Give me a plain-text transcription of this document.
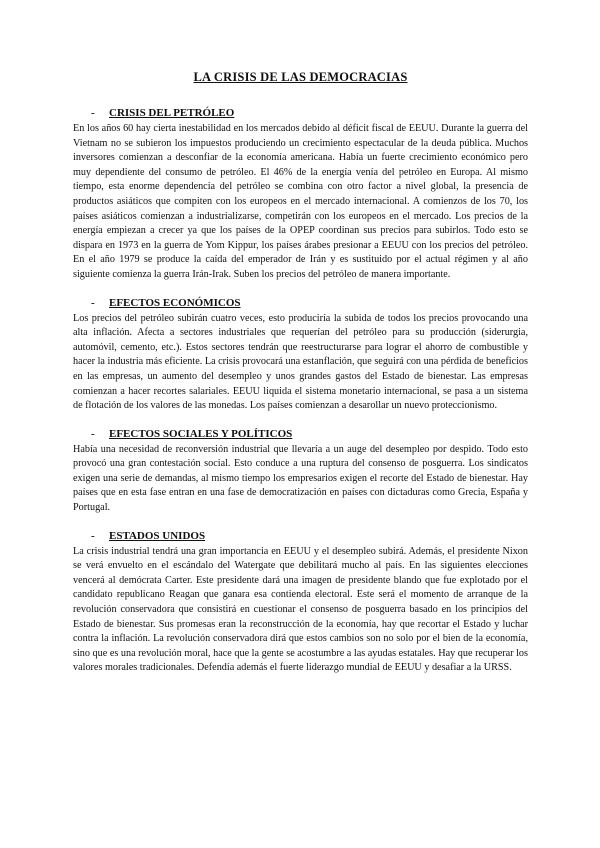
LA CRISIS DE LAS DEMOCRACIAS
-	CRISIS DEL PETRÓLEO

En los años 60 hay cierta inestabilidad en los mercados debido al déficit fiscal de EEUU. Durante la guerra del Vietnam no se subieron los impuestos produciendo un crecimiento espectacular de la deuda pública. Muchos inversores comienzan a desconfiar de la economía americana. Había un fuerte crecimiento económico pero muy dependiente del consumo de petróleo. El 46% de la energía venía del petróleo en Europa. Al mismo tiempo, esta enorme dependencia del petróleo se combina con otro factor a nivel global, la presencia de productos asiáticos que compiten con los europeos en el mercado internacional. A comienzos de los 70, los países asiáticos comienzan a industrializarse, competirán con los europeos en el mercado. Los precios de la energía empiezan a crecer ya que los países de la OPEP coordinan sus precios para subirlos. Todo esto se dispara en 1973 en la guerra de Yom Kippur, los países árabes presionar a EEUU con los precios del petróleo. En el año 1979 se produce la caída del emperador de Irán y es sustituido por el actual régimen y al año siguiente comienza la guerra Irán-Irak. Suben los precios del petróleo de manera importante.

-	EFECTOS ECONÓMICOS

Los precios del petróleo subirán cuatro veces, esto produciría la subida de todos los precios provocando una alta inflación. Afecta a sectores industriales que requerían del petróleo para su producción (siderurgia, automóvil, cemento, etc.). Estos sectores tendrán que reestructurarse para lograr el ahorro de combustible y hacer la industria más eficiente. La crisis provocará una estanflación, que seguirá con una pérdida de beneficios en las empresas, un aumento del desempleo y unos grandes gastos del Estado de bienestar. Las empresas comienzan a hacer recortes salariales. EEUU liquida el sistema monetario internacional, se pasa a un sistema de flotación de los valores de las monedas. Los países comienzan a desarollar un nuevo proteccionismo.

-	EFECTOS SOCIALES Y POLÍTICOS

Había una necesidad de reconversión industrial que llevaría a un auge del desempleo por despido. Todo esto provocó una gran contestación social. Esto conduce a una ruptura del consenso de posguerra. Los sindicatos exigen una serie de demandas, al mismo tiempo los empresarios exigen el recorte del Estado de bienestar. Hay países que en esta fase entran en una fase de democratización en países con dictaduras como Grecia, España y Portugal.

-	ESTADOS UNIDOS

La crisis industrial tendrá una gran importancia en EEUU y el desempleo subirá. Además, el presidente Nixon se verá envuelto en el escándalo del Watergate que debilitará mucho al país. En las siguientes elecciones vencerá al demócrata Carter. Este presidente dará una imagen de presidente blando que fue explotado por el candidato republicano Reagan que ganara esa contienda electoral. Este será el momento de arranque de la revolución conservadora que consistirá en cuestionar el consenso de posguerra basado en los principios del Estado de bienestar. Sus promesas eran la reconstrucción de la economía, hay que recortar el Estado y luchar contra la inflación. La revolución conservadora dirá que estos cambios son no solo por el bien de la economía, sino que es una revolución moral, hace que la gente se acostumbre a las ayudas estatales. Hay que recuperar los valores morales tradicionales. Defendía además el fuerte liderazgo mundial de EEUU y desafiar a la URSS.
